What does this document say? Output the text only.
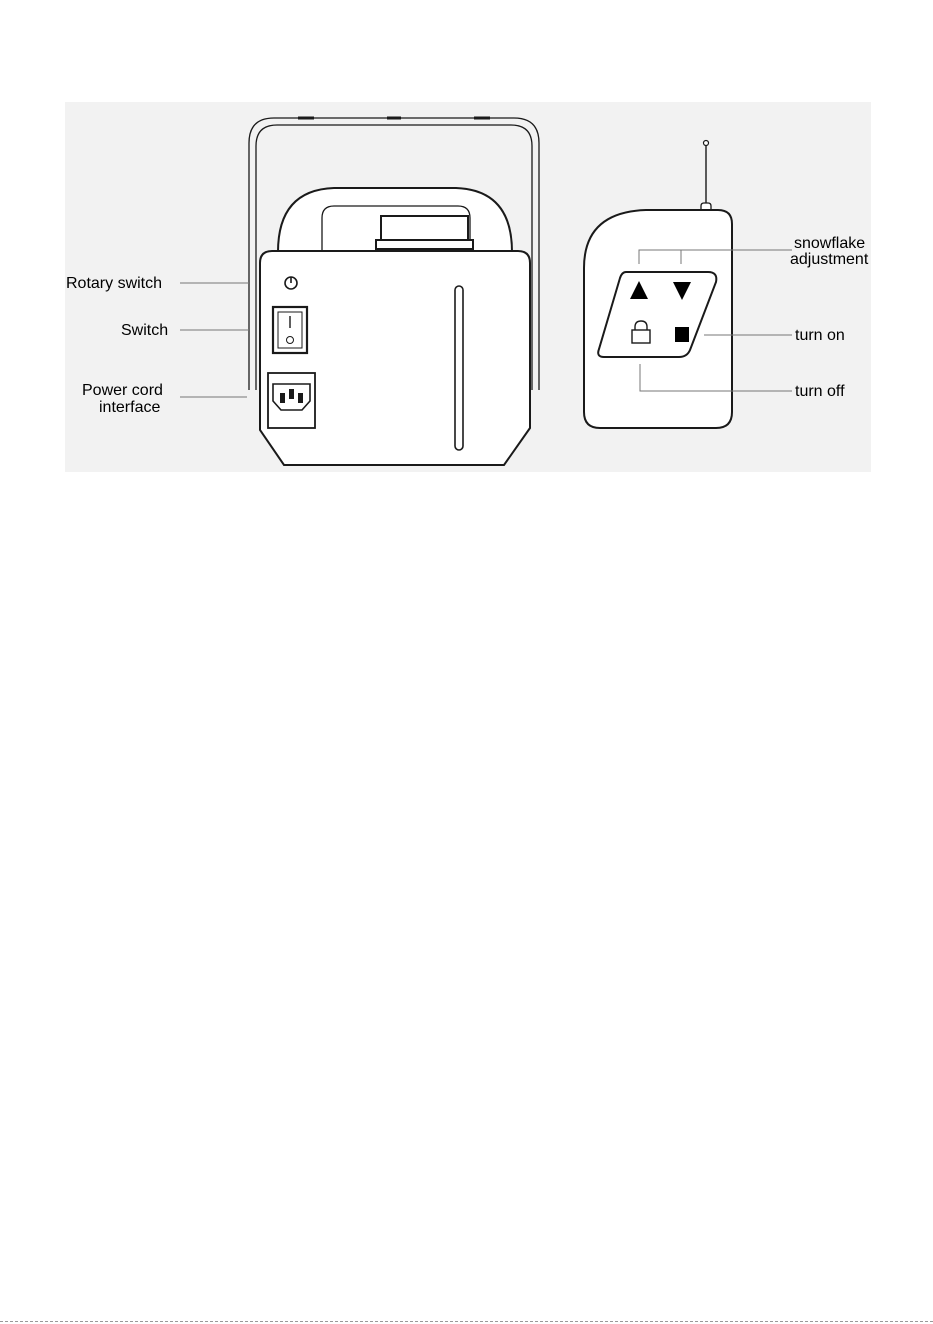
Rotary switch
Switch
Power cord
interface
snowflake
adjustment
turn on
turn off
